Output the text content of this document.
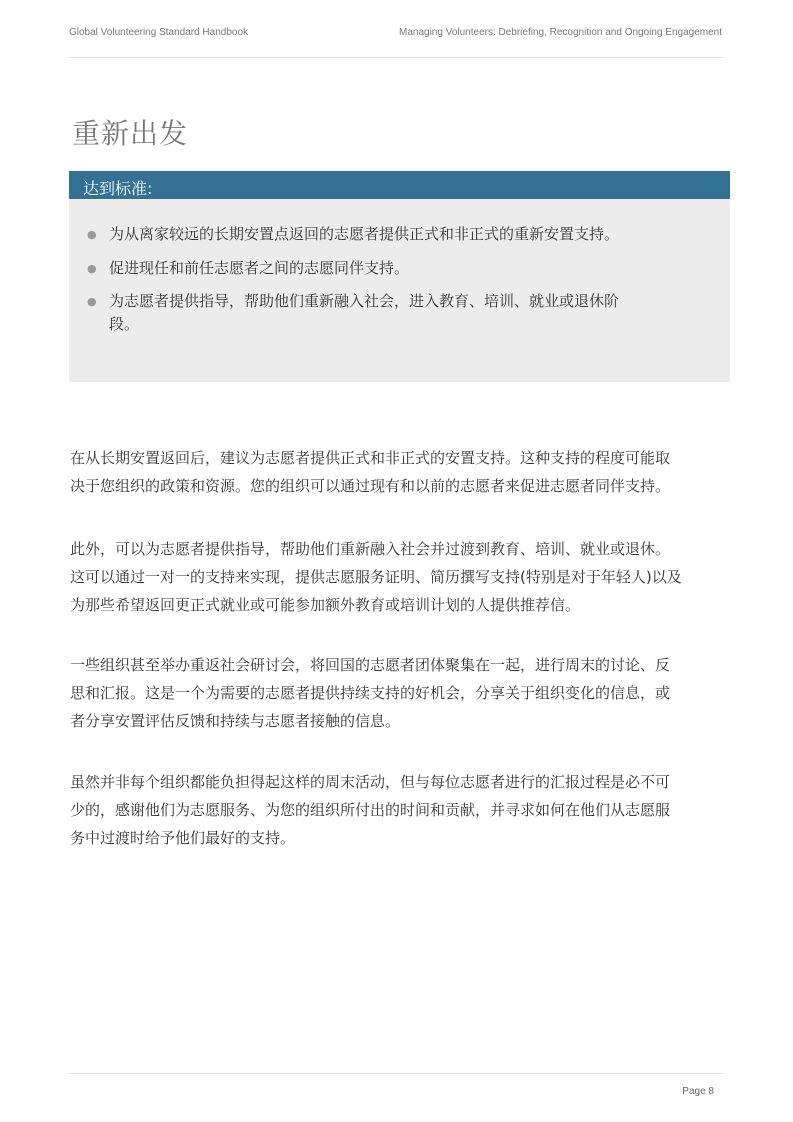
Global Volunteering Standard Handbook	Managing Volunteers: Debriefing, Recognition and Ongoing Engagement
重新出发
达到标准:
● 为从离家较远的长期安置点返回的志愿者提供正式和非正式的重新安置支持。
● 促进现任和前任志愿者之间的志愿同伴支持。
● 为志愿者提供指导，帮助他们重新融入社会，进入教育、培训、就业或退休阶
段。
在从长期安置返回后，建议为志愿者提供正式和非正式的安置支持。这种支持的程度可能取
决于您组织的政策和资源。您的组织可以通过现有和以前的志愿者来促进志愿者同伴支持。
此外，可以为志愿者提供指导，帮助他们重新融入社会并过渡到教育、培训、就业或退休。
这可以通过一对一的支持来实现，提供志愿服务证明、简历撰写支持(特别是对于年轻人)以及
为那些希望返回更正式就业或可能参加额外教育或培训计划的人提供推荐信。
一些组织甚至举办重返社会研讨会，将回国的志愿者团体聚集在一起，进行周末的讨论、反
思和汇报。这是一个为需要的志愿者提供持续支持的好机会，分享关于组织变化的信息，或
者分享安置评估反馈和持续与志愿者接触的信息。
虽然并非每个组织都能负担得起这样的周末活动，但与每位志愿者进行的汇报过程是必不可
少的，感谢他们为志愿服务、为您的组织所付出的时间和贡献，并寻求如何在他们从志愿服
务中过渡时给予他们最好的支持。
Page 8
